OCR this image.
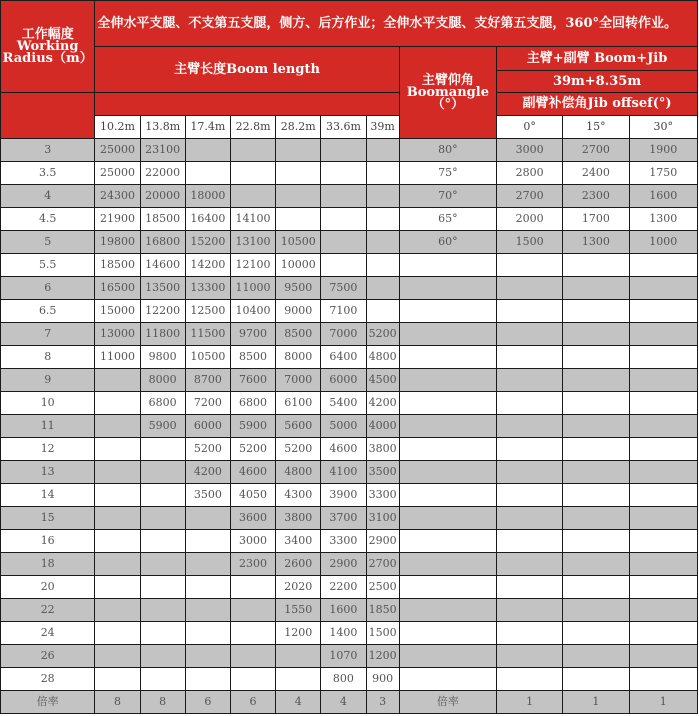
工作幅度 Working Radius（m）	全伸水平支腿、不支第五支腿，侧方、后方作业；全伸水平支腿、支好第五支腿，360°全回转作业。										
	主臂长度Boom length							主臂仰角 Boomangle （°）	主臂+副臂 Boom+Jib		
									39m+8.35m		
									副臂补偿角Jib offsef(°)		
	10.2m	13.8m	17.4m	22.8m	28.2m	33.6m	39m		0°	15°	30°
3	25000	23100						80°	3000	2700	1900
3.5	25000	22000						75°	2800	2400	1750
4	24300	20000	18000					70°	2700	2300	1600
4.5	21900	18500	16400	14100				65°	2000	1700	1300
5	19800	16800	15200	13100	10500			60°	1500	1300	1000
5.5	18500	14600	14200	12100	10000						
6	16500	13500	13300	11000	9500	7500					
6.5	15000	12200	12500	10400	9000	7100					
7	13000	11800	11500	9700	8500	7000	5200				
8	11000	9800	10500	8500	8000	6400	4800				
9		8000	8700	7600	7000	6000	4500				
10		6800	7200	6800	6100	5400	4200				
11		5900	6000	5900	5600	5000	4000				
12			5200	5200	5200	4600	3800				
13			4200	4600	4800	4100	3500				
14			3500	4050	4300	3900	3300				
15				3600	3800	3700	3100				
16				3000	3400	3300	2900				
18				2300	2600	2900	2700				
20					2020	2200	2500				
22					1550	1600	1850				
24					1200	1400	1500				
26						1070	1200				
28						800	900				
倍率	8	8	6	6	4	4	3	倍率	1	1	1
